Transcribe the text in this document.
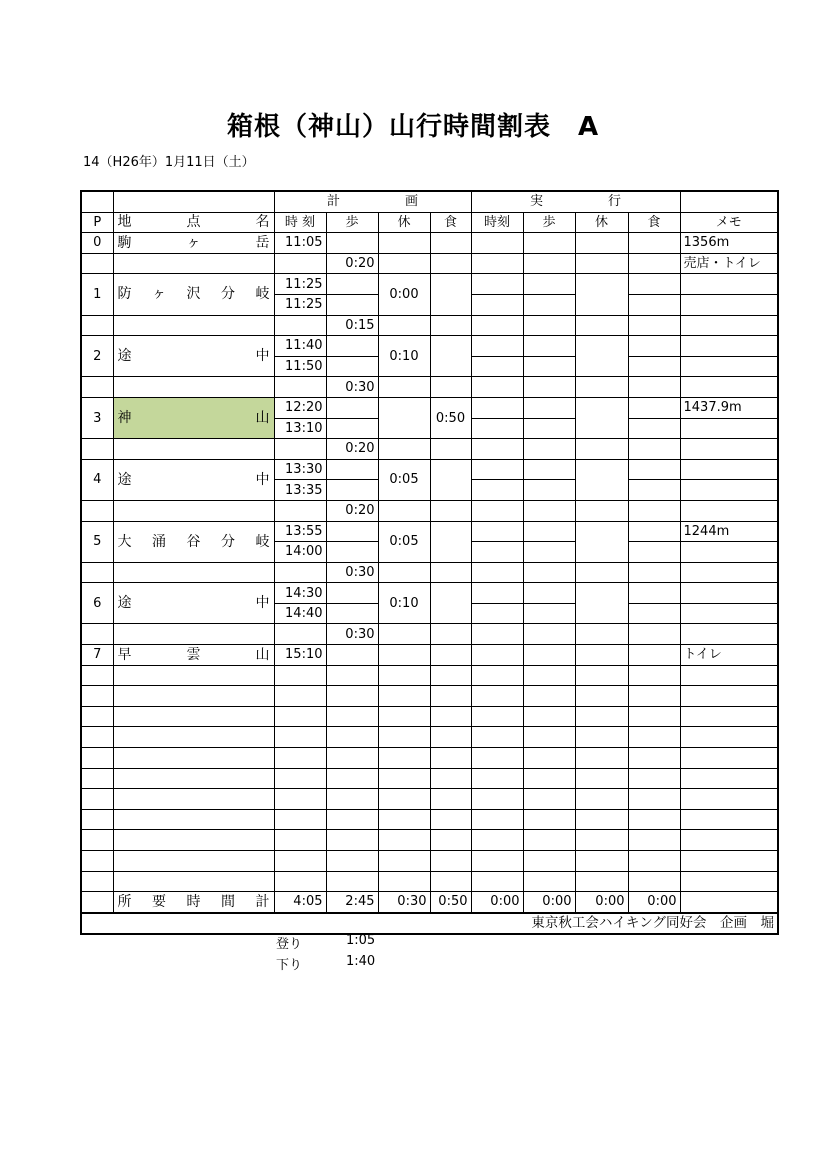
箱根（神山）山行時間割表　A
14（H26年）1月11日（土）
		計　　　　　画				実　　　　　行				
P	地 点 名	時 刻	歩	休	食	時刻	歩	休	食	メモ
0	駒 ヶ 岳	11:05								1356m
			0:20							売店・トイレ
1	防 ヶ 沢 分 岐	11:25		0:00						
		11:25								
			0:15							
2	途 中	11:40		0:10						
		11:50								
			0:30							
3	神 山	12:20			0:50					1437.9m
		13:10								
			0:20							
4	途 中	13:30		0:05						
		13:35								
			0:20							
5	大 涌 谷 分 岐	13:55		0:05						1244m
		14:00								
			0:30							
6	途 中	14:30		0:10						
		14:40								
			0:30							
7	早 雲 山	15:10								トイレ

	所 要 時 間 計	4:05	2:45	0:30	0:50	0:00	0:00	0:00	0:00	
東京秋工会ハイキング同好会　企画　堀										
登り	1:05
下り	1:40
